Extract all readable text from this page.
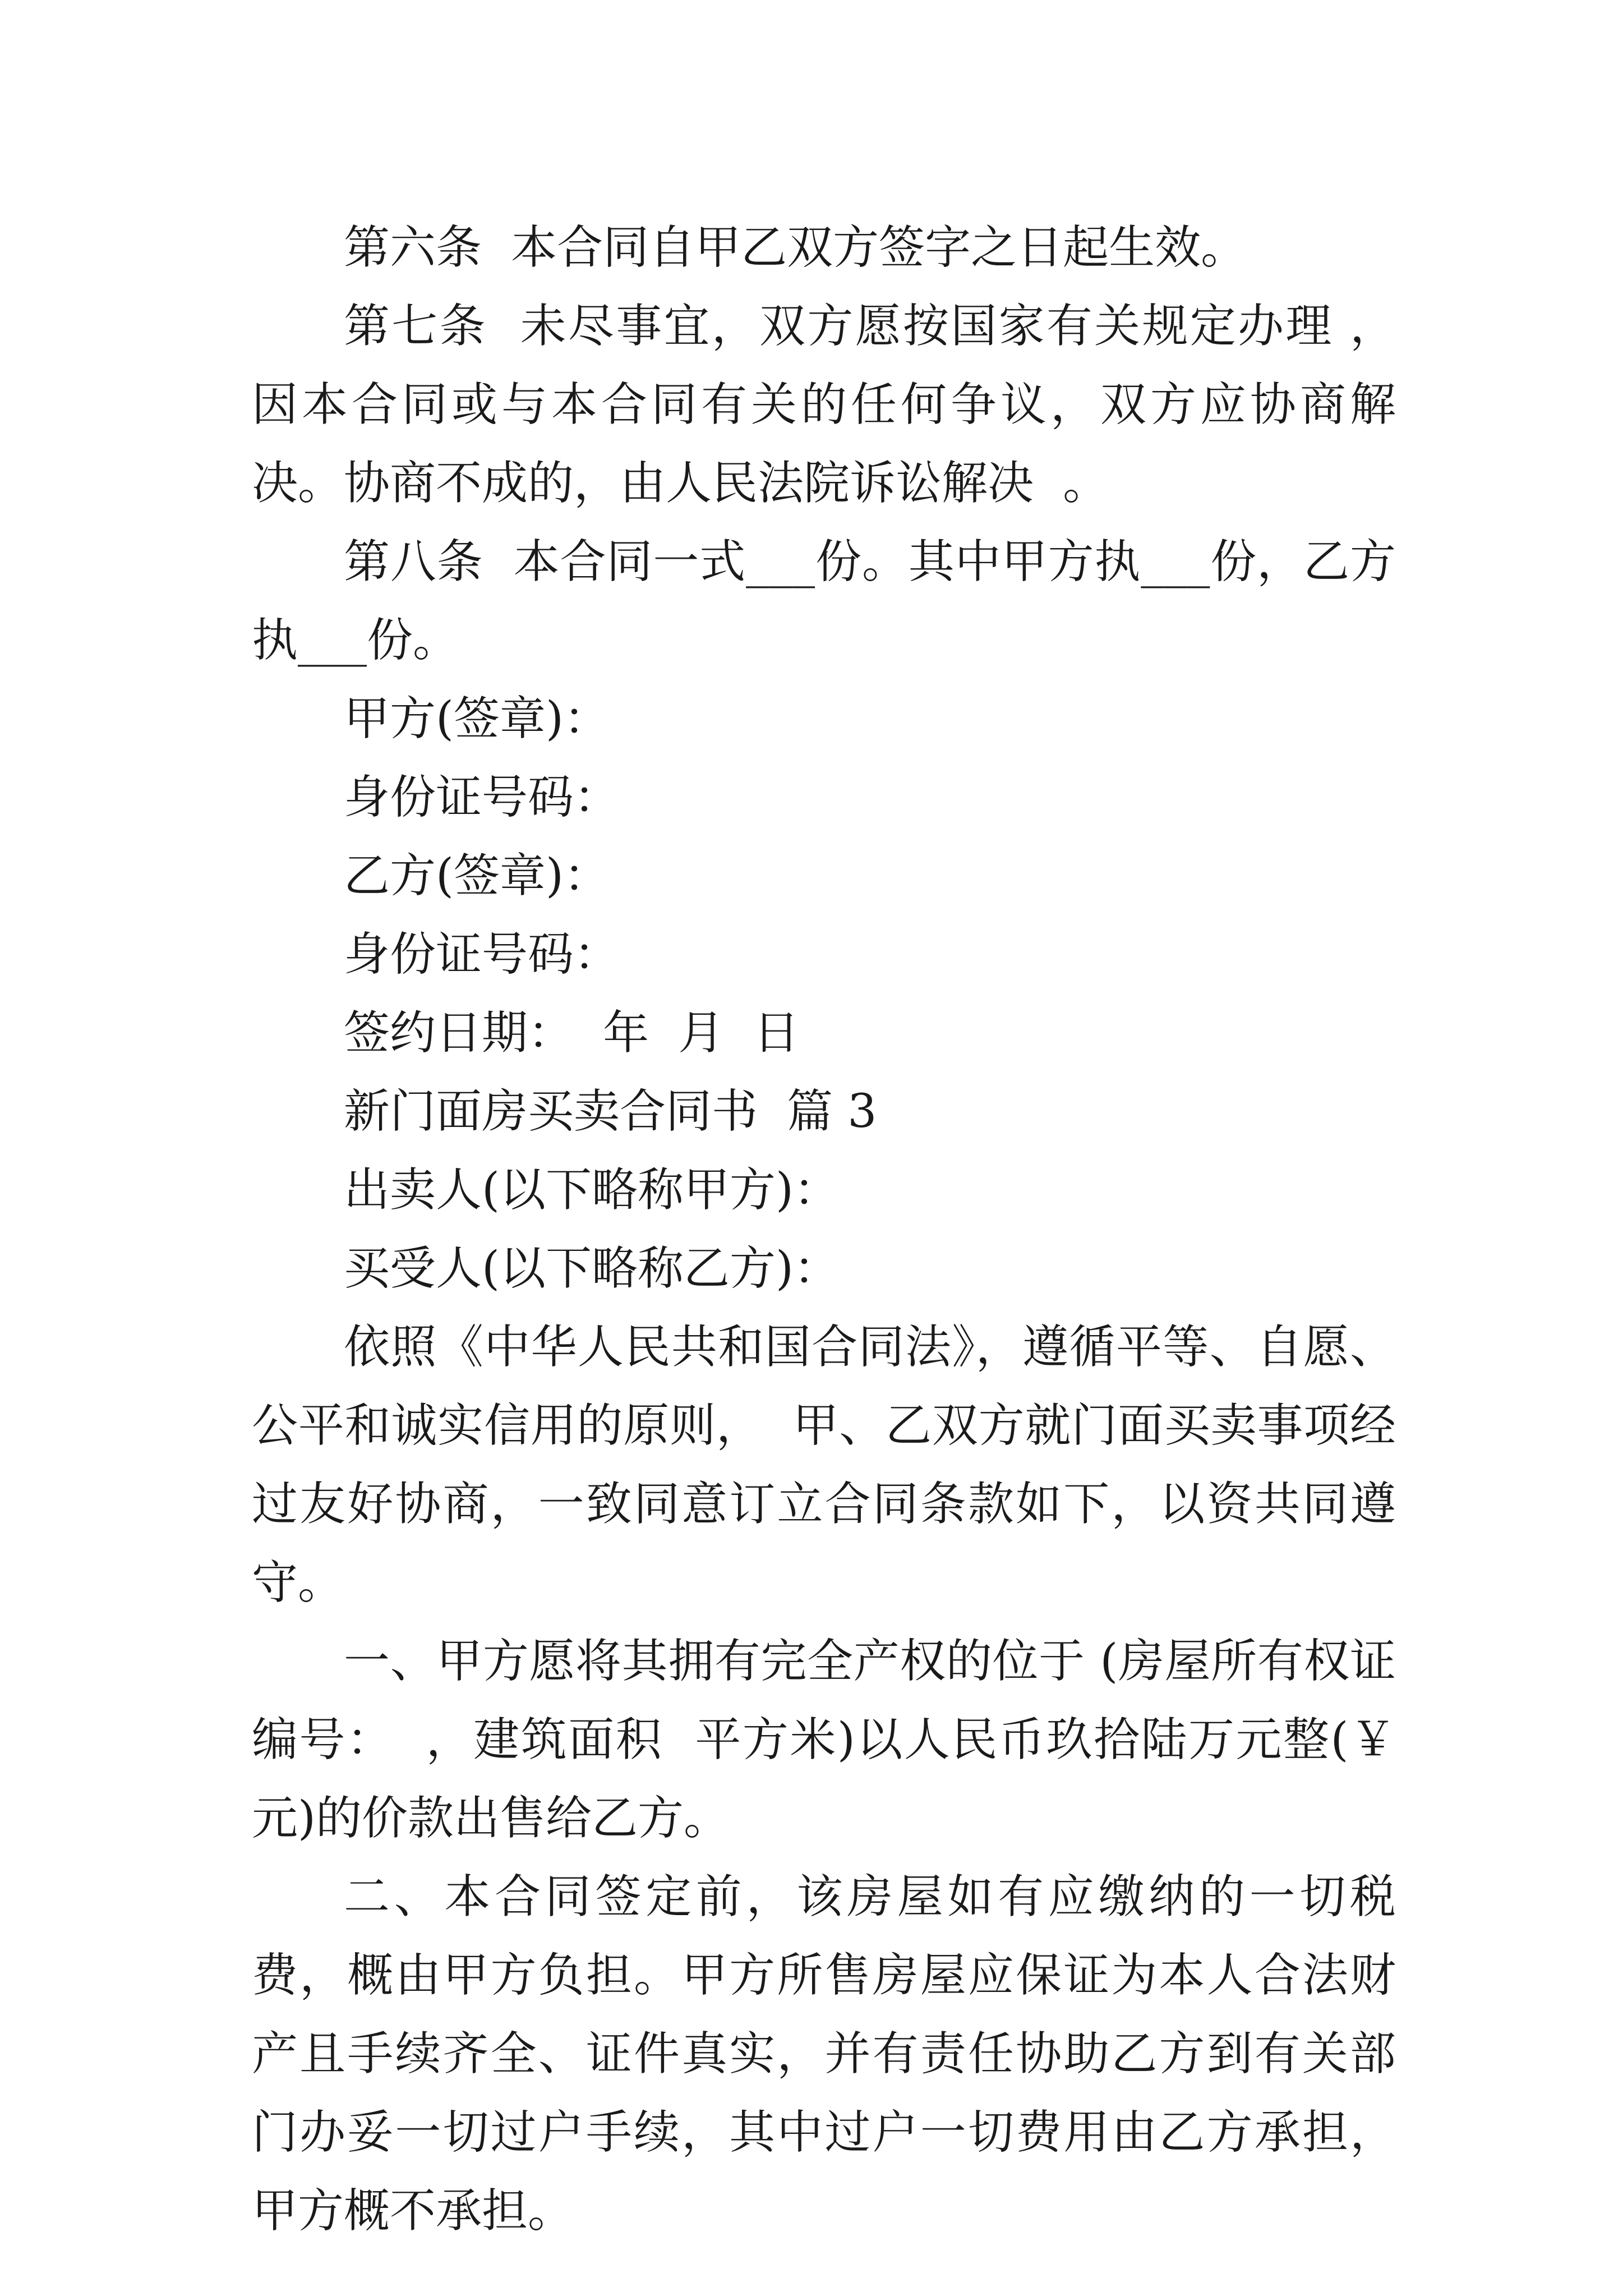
第六条  本合同自甲乙双方签字之日起生效。

第七条  未尽事宜，双方愿按国家有关规定办理 ，因本合同或与本合同有关的任何争议，双方应协商解决。协商不成的，由人民法院诉讼解决  。

第八条  本合同一式___份。其中甲方执___份，乙方执___份。

甲方(签章)：

身份证号码：

乙方(签章)：

身份证号码：

签约日期：  年  月  日

新门面房买卖合同书  篇 3

出卖人(以下略称甲方)：

买受人(以下略称乙方)：

依照《中华人民共和国合同法》，遵循平等、自愿、公平和诚实信用的原则，  甲、乙双方就门面买卖事项经过友好协商，一致同意订立合同条款如下，以资共同遵守。

一、甲方愿将其拥有完全产权的位于 (房屋所有权证编号：  ，建筑面积  平方米)以人民币玖拾陆万元整(￥  元)的价款出售给乙方。

二、本合同签定前，该房屋如有应缴纳的一切税费，概由甲方负担。甲方所售房屋应保证为本人合法财产且手续齐全、证件真实，并有责任协助乙方到有关部门办妥一切过户手续，其中过户一切费用由乙方承担，甲方概不承担。
